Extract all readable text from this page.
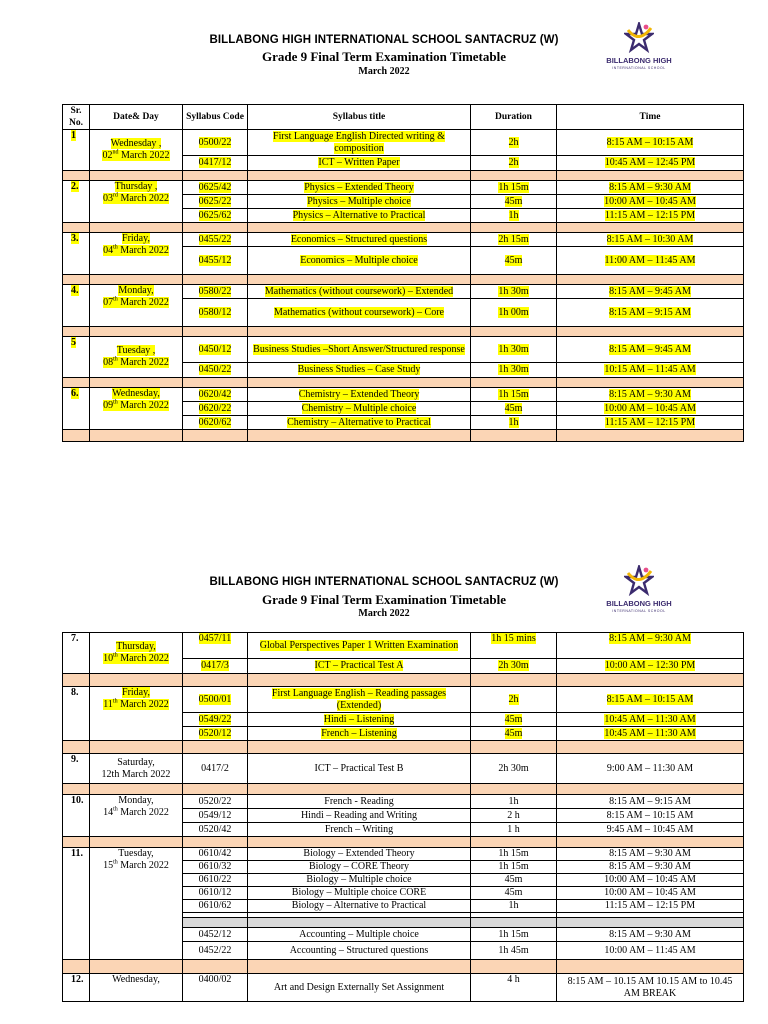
BILLABONG HIGH INTERNATIONAL SCHOOL SANTACRUZ (W)
Grade 9 Final Term Examination Timetable
March 2022
BILLABONG HIGH
INTERNATIONAL SCHOOL
Sr. No.	Date& Day	Syllabus Code	Syllabus title	Duration	Time
1	Wednesday ,
02nd March 2022	0500/22	First Language English Directed writing & composition	2h	8:15 AM – 10:15 AM
		0417/12	ICT – Written Paper	2h	10:45 AM – 12:45 PM

2.	Thursday ,
03rd March 2022	0625/42	Physics – Extended Theory	1h 15m	8:15 AM – 9:30 AM
		0625/22	Physics – Multiple choice	45m	10:00 AM – 10:45 AM
		0625/62	Physics – Alternative to Practical	1h	11:15 AM – 12:15 PM

3.	Friday,
04th March 2022	0455/22	Economics – Structured questions	2h 15m	8:15 AM – 10:30 AM
		0455/12	Economics – Multiple choice	45m	11:00 AM – 11:45 AM

4.	Monday,
07th March 2022	0580/22	Mathematics (without coursework) – Extended	1h 30m	8:15 AM – 9:45 AM
		0580/12	Mathematics (without coursework) – Core	1h 00m	8:15 AM – 9:15 AM

5	Tuesday ,
08th March 2022	0450/12	Business Studies –Short Answer/Structured response	1h 30m	8:15 AM – 9:45 AM
		0450/22	Business Studies – Case Study	1h 30m	10:15 AM – 11:45 AM

6.	Wednesday,
09th March 2022	0620/42	Chemistry – Extended Theory	1h 15m	8:15 AM – 9:30 AM
		0620/22	Chemistry – Multiple choice	45m	10:00 AM – 10:45 AM
		0620/62	Chemistry – Alternative to Practical	1h	11:15 AM – 12:15 PM

BILLABONG HIGH INTERNATIONAL SCHOOL SANTACRUZ (W)
Grade 9 Final Term Examination Timetable
March 2022
BILLABONG HIGH
INTERNATIONAL SCHOOL
7.	Thursday,
10th March 2022	0457/11	Global Perspectives Paper 1 Written Examination	1h 15 mins	8:15 AM – 9:30 AM
		0417/3	ICT – Practical Test A	2h 30m	10:00 AM – 12:30 PM

8.	Friday,
11th March 2022	0500/01	First Language English – Reading passages (Extended)	2h	8:15 AM – 10:15 AM
		0549/22	Hindi – Listening	45m	10:45 AM – 11:30 AM
		0520/12	French – Listening	45m	10:45 AM – 11:30 AM

9.	Saturday,
12th March 2022	0417/2	ICT – Practical Test B	2h 30m	9:00 AM – 11:30 AM

10.	Monday,
14th March 2022	0520/22	French - Reading	1h	8:15 AM – 9:15 AM
		0549/12	Hindi – Reading and Writing	2 h	8:15 AM – 10:15 AM
		0520/42	French – Writing	1 h	9:45 AM – 10:45 AM

11.	Tuesday,
15th March 2022	0610/42	Biology – Extended Theory	1h 15m	8:15 AM – 9:30 AM
		0610/32	Biology – CORE Theory	1h 15m	8:15 AM – 9:30 AM
		0610/22	Biology – Multiple choice	45m	10:00 AM – 10:45 AM
		0610/12	Biology – Multiple choice CORE	45m	10:00 AM – 10:45 AM
		0610/62	Biology – Alternative to Practical	1h	11:15 AM – 12:15 PM

		0452/12	Accounting – Multiple choice	1h 15m	8:15 AM – 9:30 AM
		0452/22	Accounting – Structured questions	1h 45m	10:00 AM – 11:45 AM

12.	Wednesday,	0400/02	Art and Design Externally Set Assignment	4 h	8:15 AM – 10.15 AM 10.15 AM to 10.45 AM BREAK
